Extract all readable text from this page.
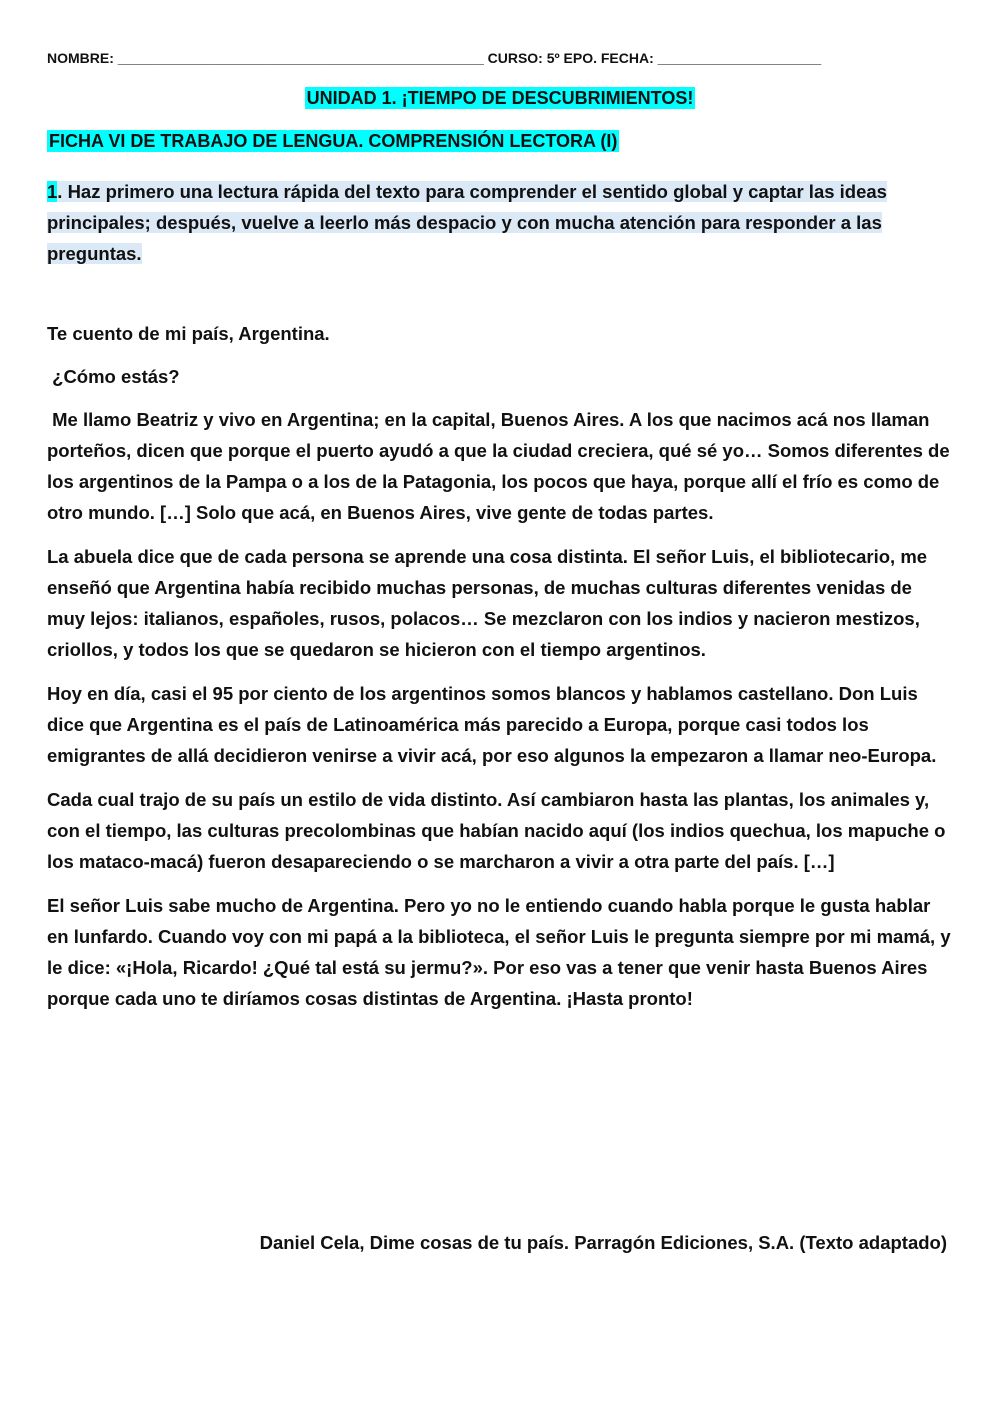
NOMBRE: _______________________________________________ CURSO: 5º EPO. FECHA: _____________________
UNIDAD 1. ¡TIEMPO DE DESCUBRIMIENTOS!
FICHA VI DE TRABAJO DE LENGUA. COMPRENSIÓN LECTORA (I)
1. Haz primero una lectura rápida del texto para comprender el sentido global y captar las ideas principales; después, vuelve a leerlo más despacio y con mucha atención para responder a las preguntas.

Te cuento de mi país, Argentina.

¿Cómo estás?

Me llamo Beatriz y vivo en Argentina; en la capital, Buenos Aires. A los que nacimos acá nos llaman porteños, dicen que porque el puerto ayudó a que la ciudad creciera, qué sé yo… Somos diferentes de los argentinos de la Pampa o a los de la Patagonia, los pocos que haya, porque allí el frío es como de otro mundo. […] Solo que acá, en Buenos Aires, vive gente de todas partes.

La abuela dice que de cada persona se aprende una cosa distinta. El señor Luis, el bibliotecario, me enseñó que Argentina había recibido muchas personas, de muchas culturas diferentes venidas de muy lejos: italianos, españoles, rusos, polacos… Se mezclaron con los indios y nacieron mestizos, criollos, y todos los que se quedaron se hicieron con el tiempo argentinos.

Hoy en día, casi el 95 por ciento de los argentinos somos blancos y hablamos castellano. Don Luis dice que Argentina es el país de Latinoamérica más parecido a Europa, porque casi todos los emigrantes de allá decidieron venirse a vivir acá, por eso algunos la empezaron a llamar neo-Europa.

Cada cual trajo de su país un estilo de vida distinto. Así cambiaron hasta las plantas, los animales y, con el tiempo, las culturas precolombinas que habían nacido aquí (los indios quechua, los mapuche o los mataco-macá) fueron desapareciendo o se marcharon a vivir a otra parte del país. […]

El señor Luis sabe mucho de Argentina. Pero yo no le entiendo cuando habla porque le gusta hablar en lunfardo. Cuando voy con mi papá a la biblioteca, el señor Luis le pregunta siempre por mi mamá, y le dice: «¡Hola, Ricardo! ¿Qué tal está su jermu?». Por eso vas a tener que venir hasta Buenos Aires porque cada uno te diríamos cosas distintas de Argentina. ¡Hasta pronto!

Daniel Cela, Dime cosas de tu país. Parragón Ediciones, S.A. (Texto adaptado)
